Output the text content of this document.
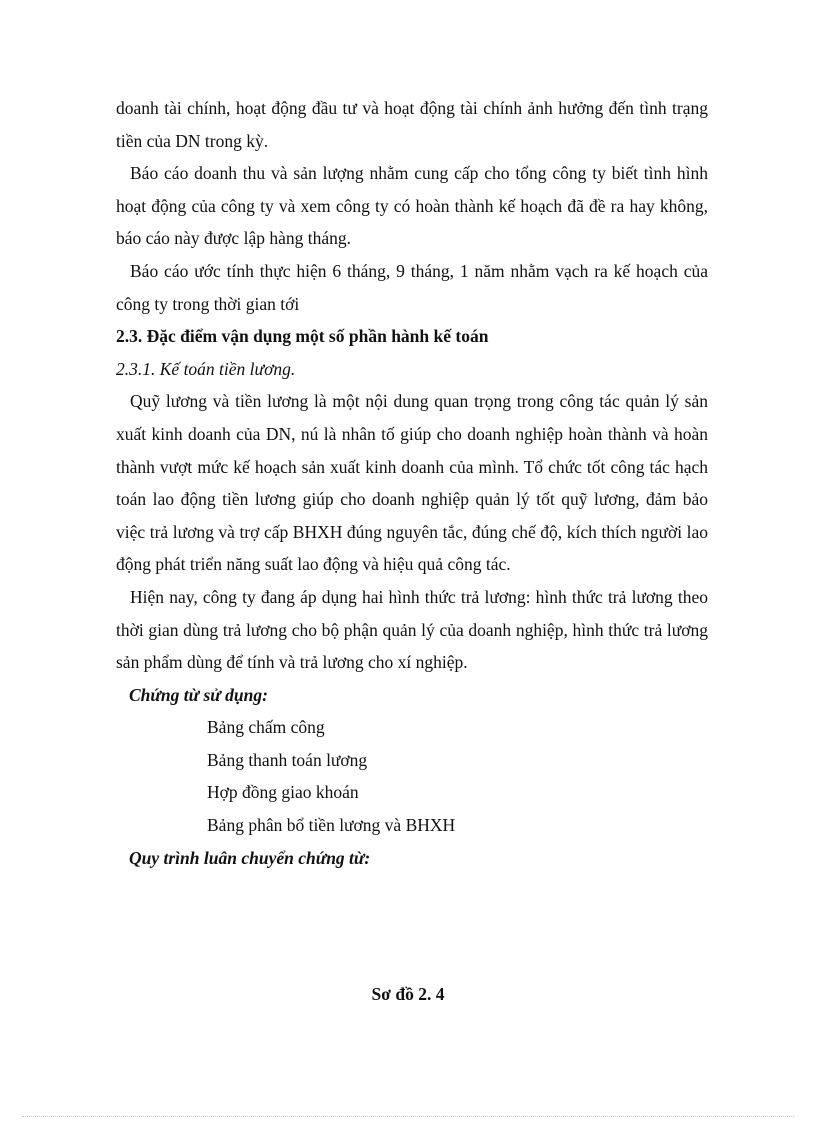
doanh tài chính, hoạt động đầu tư và hoạt động tài chính ảnh hưởng đến tình trạng tiền của DN trong kỳ.

Báo cáo doanh thu và sản lượng nhằm cung cấp cho tổng công ty biết tình hình hoạt động của công ty và xem công ty có hoàn thành kế hoạch đã đề ra hay không, báo cáo này được lập hàng tháng.

Báo cáo ước tính thực hiện 6 tháng, 9 tháng, 1 năm nhằm vạch ra kế hoạch của công ty trong thời gian tới

2.3. Đặc điểm vận dụng một số phần hành kế toán

2.3.1. Kế toán tiền lương.

Quỹ lương và tiền lương là một nội dung quan trọng trong công tác quản lý sản xuất kinh doanh của DN, nú là nhân tố giúp cho doanh nghiệp hoàn thành và hoàn thành vượt mức kế hoạch sản xuất kinh doanh của mình. Tổ chức tốt công tác hạch toán lao động tiền lương giúp cho doanh nghiệp quản lý tốt quỹ lương, đảm bảo việc trả lương và trợ cấp BHXH đúng nguyên tắc, đúng chế độ, kích thích người lao động phát triển năng suất lao động và hiệu quả công tác.

Hiện nay, công ty đang áp dụng hai hình thức trả lương: hình thức trả lương theo thời gian dùng trả lương cho bộ phận quản lý của doanh nghiệp, hình thức trả lương sản phẩm dùng để tính và trả lương cho xí nghiệp.

Chứng từ sử dụng:

Bảng chấm công
Bảng thanh toán lương
Hợp đồng giao khoán
Bảng phân bổ tiền lương và BHXH

Quy trình luân chuyển chứng từ:

Sơ đồ 2. 4
